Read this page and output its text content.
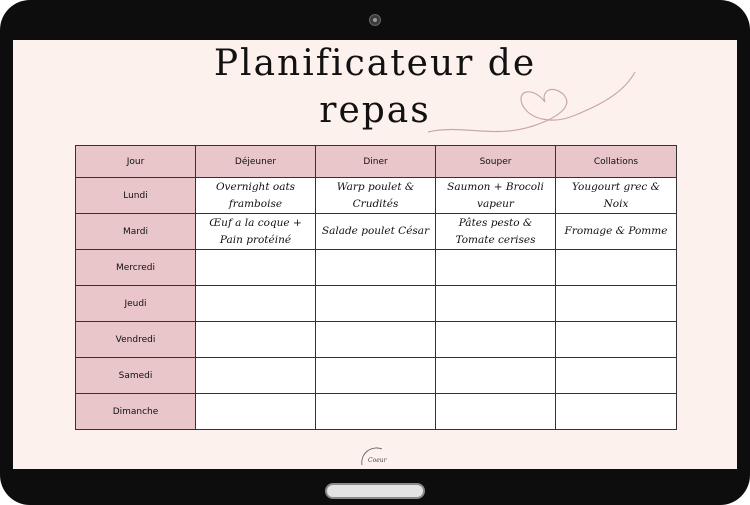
Planificateur de
repas
Jour	Déjeuner	Diner	Souper	Collations
Lundi	Overnight oats framboise	Warp poulet & Crudités	Saumon + Brocoli vapeur	Yougourt grec & Noix

Mardi	Œuf a la coque + Pain protéiné	Salade poulet César	Pâtes pesto & Tomate cerises	Fromage & Pomme

Mercredi	

Jeudi	

Vendredi	

Samedi	

Dimanche	

Coeur
